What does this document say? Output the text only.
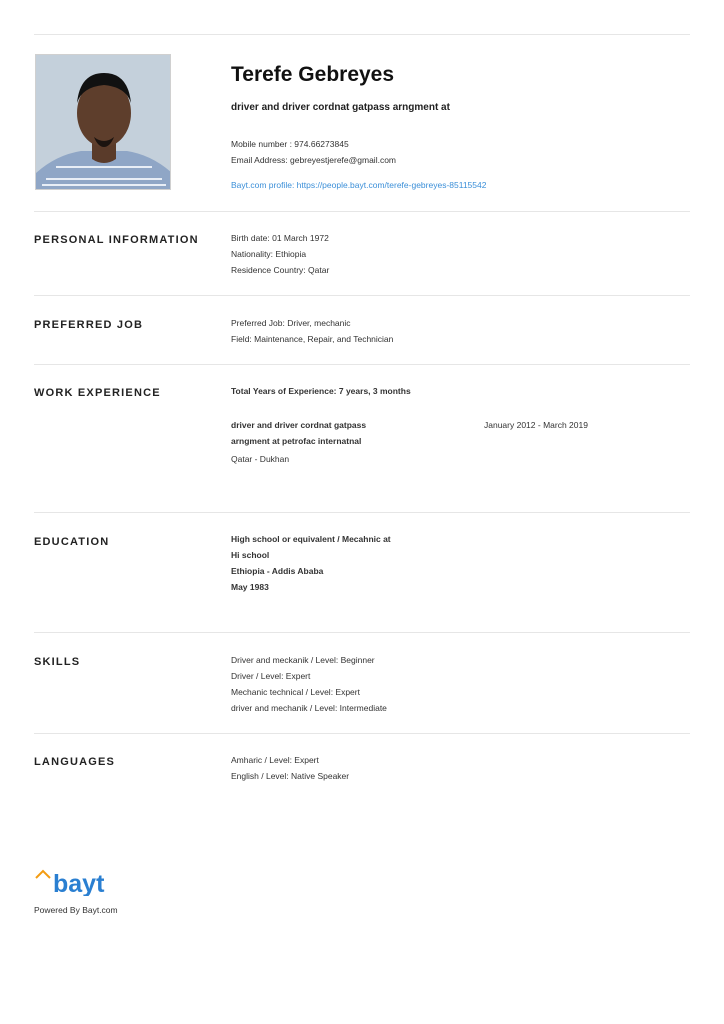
Terefe Gebreyes
driver and driver cordnat gatpass arngment at
Mobile number : 974.66273845
Email Address: gebreyestjerefe@gmail.com
Bayt.com profile: https://people.bayt.com/terefe-gebreyes-85115542
PERSONAL INFORMATION	Birth date: 01 March 1972
Nationality: Ethiopia
Residence Country: Qatar
PREFERRED JOB	Preferred Job: Driver, mechanic
Field: Maintenance, Repair, and Technician
WORK EXPERIENCE	Total Years of Experience: 7 years, 3 months
driver and driver cordnat gatpass
arngment at petrofac internatnal
January 2012 - March 2019
Qatar - Dukhan
EDUCATION	High school or equivalent / Mecahnic at
Hi school
Ethiopia - Addis Ababa
May 1983
SKILLS	Driver and meckanik / Level: Beginner
Driver / Level: Expert
Mechanic technical / Level: Expert
driver and mechanik / Level: Intermediate
LANGUAGES	Amharic / Level: Expert
English / Level: Native Speaker
bayt
Powered By Bayt.com
